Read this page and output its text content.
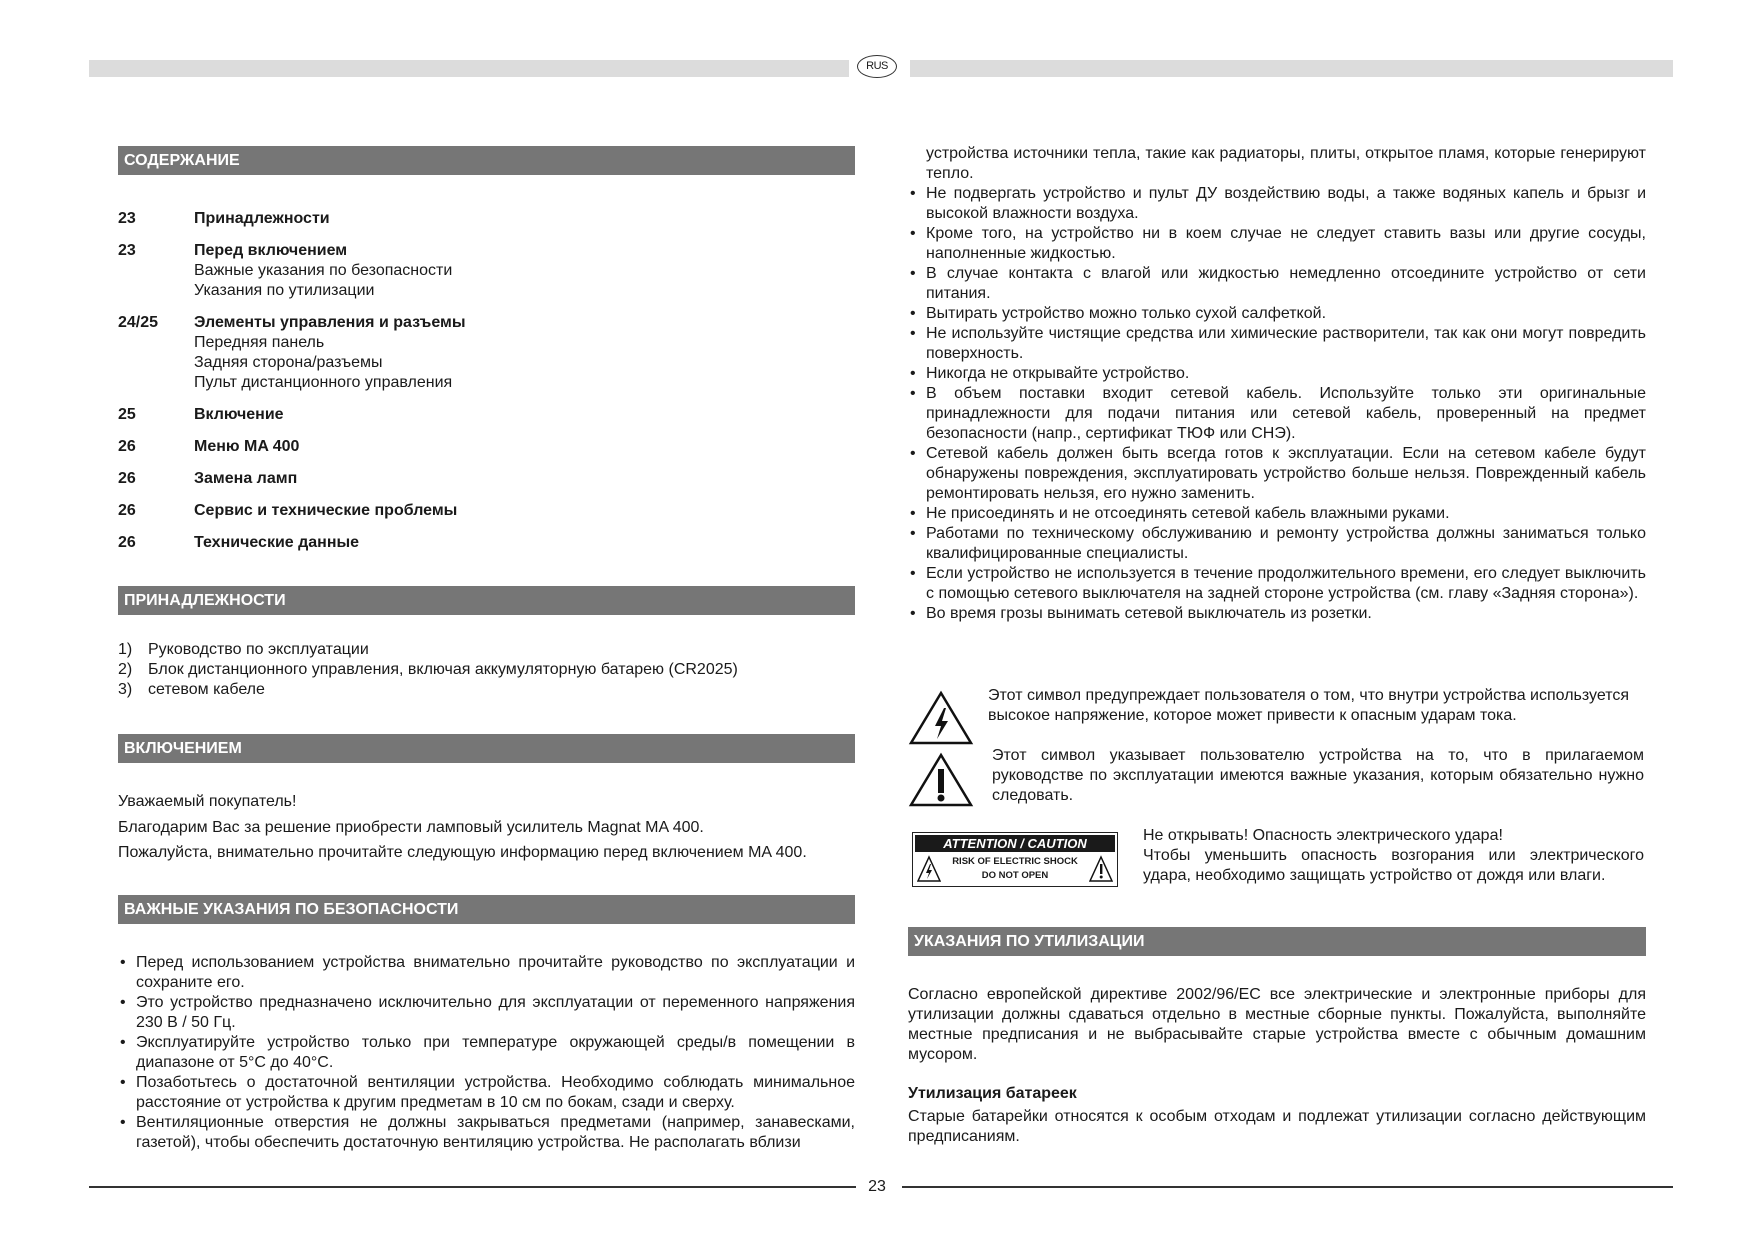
RUS
СОДЕРЖАНИЕ
23	Принадлежности
23	Перед включением
Важные указания по безопасности
Указания по утилизации
24/25 Элементы управления и разъемы
Передняя панель
Задняя сторона/разъемы
Пульт дистанционного управления
25	Включение
26	Меню MA 400
26	Замена ламп
26	Сервис и технические проблемы
26	Технические данные
ПРИНАДЛЕЖНОСТИ
1) Руководство по эксплуатации
2) Блок дистанционного управления, включая аккумуляторную батарею (CR2025)
3) сетевом кабеле
ВКЛЮЧЕНИЕМ
Уважаемый покупатель!
Благодарим Вас за решение приобрести ламповый усилитель Magnat MA 400.
Пожалуйста, внимательно прочитайте следующую информацию перед включением MA 400.
ВАЖНЫЕ УКАЗАНИЯ ПО БЕЗОПАСНОСТИ
• Перед использованием устройства внимательно прочитайте руководство по эксплуатации и сохраните его.
• Это устройство предназначено исключительно для эксплуатации от переменного напряжения 230 В / 50 Гц.
• Эксплуатируйте устройство только при температуре окружающей среды/в помещении в диапазоне от 5°С до 40°С.
• Позаботьтесь о достаточной вентиляции устройства. Необходимо соблюдать минимальное расстояние от устройства к другим предметам в 10 см по бокам, сзади и сверху.
• Вентиляционные отверстия не должны закрываться предметами (например, занавесками, газетой), чтобы обеспечить достаточную вентиляцию устройства. Не располагать вблизи
устройства источники тепла, такие как радиаторы, плиты, открытое пламя, которые генерируют тепло.
• Не подвергать устройство и пульт ДУ воздействию воды, а также водяных капель и брызг и высокой влажности воздуха.
• Кроме того, на устройство ни в коем случае не следует ставить вазы или другие сосуды, наполненные жидкостью.
• В случае контакта с влагой или жидкостью немедленно отсоедините устройство от сети питания.
• Вытирать устройство можно только сухой салфеткой.
• Не используйте чистящие средства или химические растворители, так как они могут повредить поверхность.
• Никогда не открывайте устройство.
• В объем поставки входит сетевой кабель. Используйте только эти оригинальные принадлежности для подачи питания или сетевой кабель, проверенный на предмет безопасности (напр., сертификат ТЮФ или СНЭ).
• Сетевой кабель должен быть всегда готов к эксплуатации. Если на сетевом кабеле будут обнаружены повреждения, эксплуатировать устройство больше нельзя. Поврежденный кабель ремонтировать нельзя, его нужно заменить.
• Не присоединять и не отсоединять сетевой кабель влажными руками.
• Работами по техническому обслуживанию и ремонту устройства должны заниматься только квалифицированные специалисты.
• Если устройство не используется в течение продолжительного времени, его следует выключить с помощью сетевого выключателя на задней стороне устройства (см. главу «Задняя сторона»).
• Во время грозы вынимать сетевой выключатель из розетки.
Этот символ предупреждает пользователя о том, что внутри устройства используется высокое напряжение, которое может привести к опасным ударам тока.
Этот символ указывает пользователю устройства на то, что в прилагаемом руководстве по эксплуатации имеются важные указания, которым обязательно нужно следовать.
ATTENTION / CAUTION
RISK OF ELECTRIC SHOCK
DO NOT OPEN
Не открывать! Опасность электрического удара!
Чтобы уменьшить опасность возгорания или электрического удара, необходимо защищать устройство от дождя или влаги.
УКАЗАНИЯ ПО УТИЛИЗАЦИИ
Согласно европейской директиве 2002/96/EC все электрические и электронные приборы для утилизации должны сдаваться отдельно в местные сборные пункты. Пожалуйста, выполняйте местные предписания и не выбрасывайте старые устройства вместе с обычным домашним мусором.
Утилизация батареек
Старые батарейки относятся к особым отходам и подлежат утилизации согласно действующим предписаниям.
23
